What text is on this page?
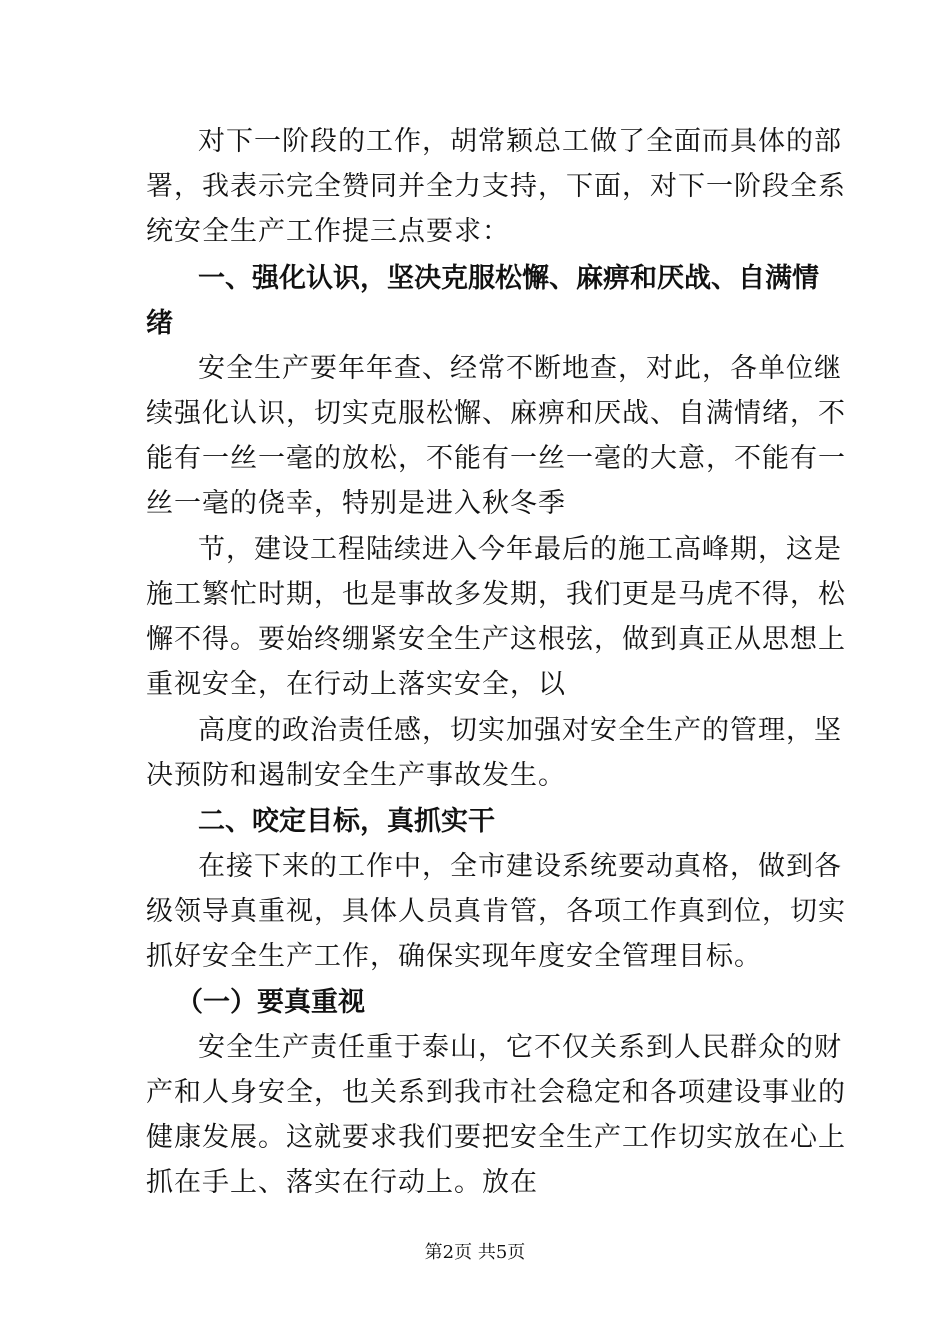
对下一阶段的工作，胡常颖总工做了全面而具体的部
署，我表示完全赞同并全力支持，下面，对下一阶段全系
统安全生产工作提三点要求：
一、强化认识，坚决克服松懈、麻痹和厌战、自满情
绪
安全生产要年年查、经常不断地查，对此，各单位继
续强化认识，切实克服松懈、麻痹和厌战、自满情绪，不
能有一丝一毫的放松，不能有一丝一毫的大意，不能有一
丝一毫的侥幸，特别是进入秋冬季
节，建设工程陆续进入今年最后的施工高峰期，这是
施工繁忙时期，也是事故多发期，我们更是马虎不得，松
懈不得。要始终绷紧安全生产这根弦，做到真正从思想上
重视安全，在行动上落实安全，以
高度的政治责任感，切实加强对安全生产的管理，坚
决预防和遏制安全生产事故发生。
二、咬定目标，真抓实干
在接下来的工作中，全市建设系统要动真格，做到各
级领导真重视，具体人员真肯管，各项工作真到位，切实
抓好安全生产工作，确保实现年度安全管理目标。
（一）要真重视
安全生产责任重于泰山，它不仅关系到人民群众的财
产和人身安全，也关系到我市社会稳定和各项建设事业的
健康发展。这就要求我们要把安全生产工作切实放在心上
抓在手上、落实在行动上。放在
第2页 共5页
